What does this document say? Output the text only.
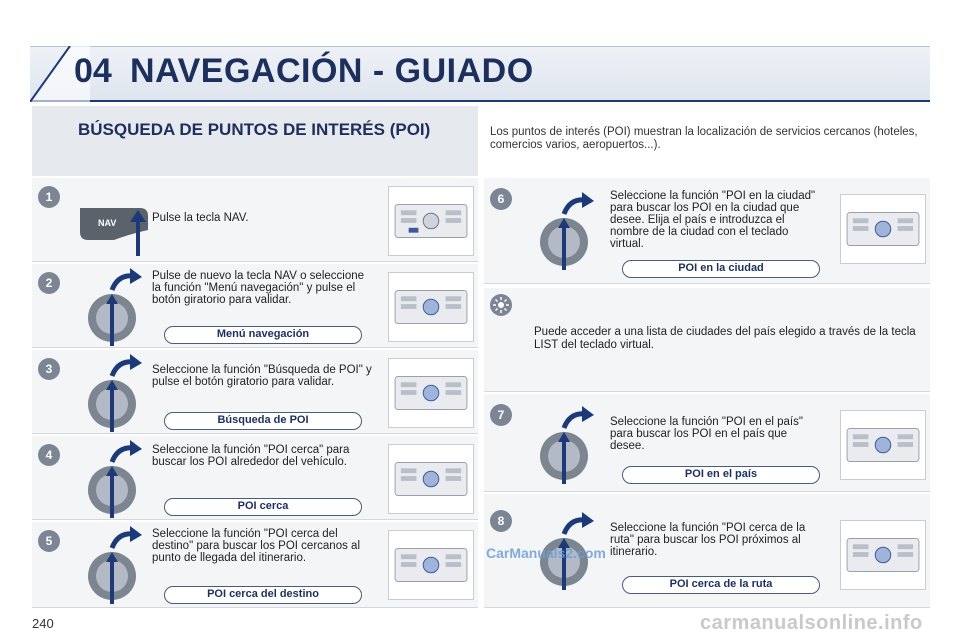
04 NAVEGACIÓN - GUIADO
BÚSQUEDA DE PUNTOS DE INTERÉS (POI)	Los puntos de interés (POI) muestran la localización de servicios cercanos (hoteles, comercios varios, aeropuertos...).
1
NAV	Pulse la tecla NAV.
2	Pulse de nuevo la tecla NAV o seleccione la función "Menú navegación" y pulse el botón giratorio para validar.
Menú navegación
3	Seleccione la función "Búsqueda de POI" y pulse el botón giratorio para validar.
Búsqueda de POI
4	Seleccione la función "POI cerca" para buscar los POI alrededor del vehículo.
POI cerca
5	Seleccione la función "POI cerca del destino" para buscar los POI cercanos al punto de llegada del itinerario.
POI cerca del destino
6	Seleccione la función "POI en la ciudad" para buscar los POI en la ciudad que desee. Elija el país e introduzca el nombre de la ciudad con el teclado virtual.
POI en la ciudad
Puede acceder a una lista de ciudades del país elegido a través de la tecla LIST del teclado virtual.
7	Seleccione la función "POI en el país" para buscar los POI en el país que desee.
POI en el país
8	Seleccione la función "POI cerca de la ruta" para buscar los POI próximos al itinerario.
POI cerca de la ruta
240
CarManuals2.com
carmanualsonline.info
